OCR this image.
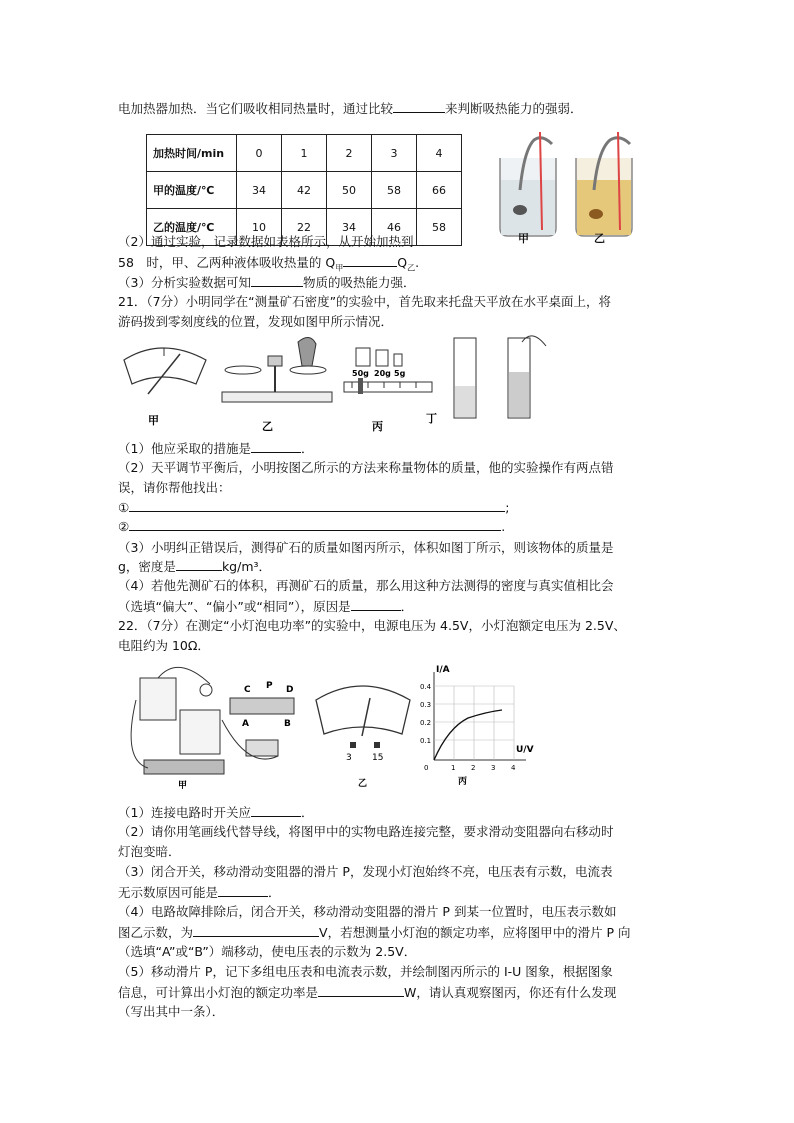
电加热器加热．当它们吸收相同热量时，通过比较	来判断吸热能力的强弱．
加热时间/min	0	1	2	3	4
甲的温度/℃	34	42	50	58	66
乙的温度/℃	10	22	34	46	58
甲	乙
（2）通过实验，记录数据如表格所示，从开始加热到
58　时，甲、乙两种液体吸收热量的 $Q_甲$	$Q_乙$.
（3）分析实验数据可知	物质的吸热能力强．
21．（7分）小明同学在“测量矿石密度”的实验中，首先取来托盘天平放在水平桌面上，将
游码拨到零刻度线的位置，发现如图甲所示情况．
50g 20g 5g
甲	乙	丙
丁
（1）他应采取的措施是	．
（2）天平调节平衡后，小明按图乙所示的方法来称量物体的质量，他的实验操作有两点错
误，请你帮他找出：
①	;
②	.
（3）小明纠正错误后，测得矿石的质量如图丙所示，体积如图丁所示，则该物体的质量是
g，密度是	kg/m³．
（4）若他先测矿石的体积，再测矿石的质量，那么用这种方法测得的密度与真实值相比会
（选填“偏大”、“偏小”或“相同”），原因是	．
22．（7分）在测定“小灯泡电功率”的实验中，电源电压为 4.5V，小灯泡额定电压为 2.5V、
电阻约为 10Ω．
C P D
A	B
3 15
I/A
U/V
0.4
0.3
0.2
0.1
0	1 2 3 4
甲	乙	丙
（1）连接电路时开关应	．
（2）请你用笔画线代替导线，将图甲中的实物电路连接完整，要求滑动变阻器向右移动时
灯泡变暗．
（3）闭合开关，移动滑动变阻器的滑片 P，发现小灯泡始终不亮，电压表有示数，电流表
无示数原因可能是	．
（4）电路故障排除后，闭合开关，移动滑动变阻器的滑片 P 到某一位置时，电压表示数如
图乙示数，为	V，若想测量小灯泡的额定功率，应将图甲中的滑片 P 向
（选填“A”或“B”）端移动，使电压表的示数为 2.5V．
（5）移动滑片 P，记下多组电压表和电流表示数，并绘制图丙所示的 I-U 图象，根据图象
信息，可计算出小灯泡的额定功率是	W，请认真观察图丙，你还有什么发现
（写出其中一条）．
